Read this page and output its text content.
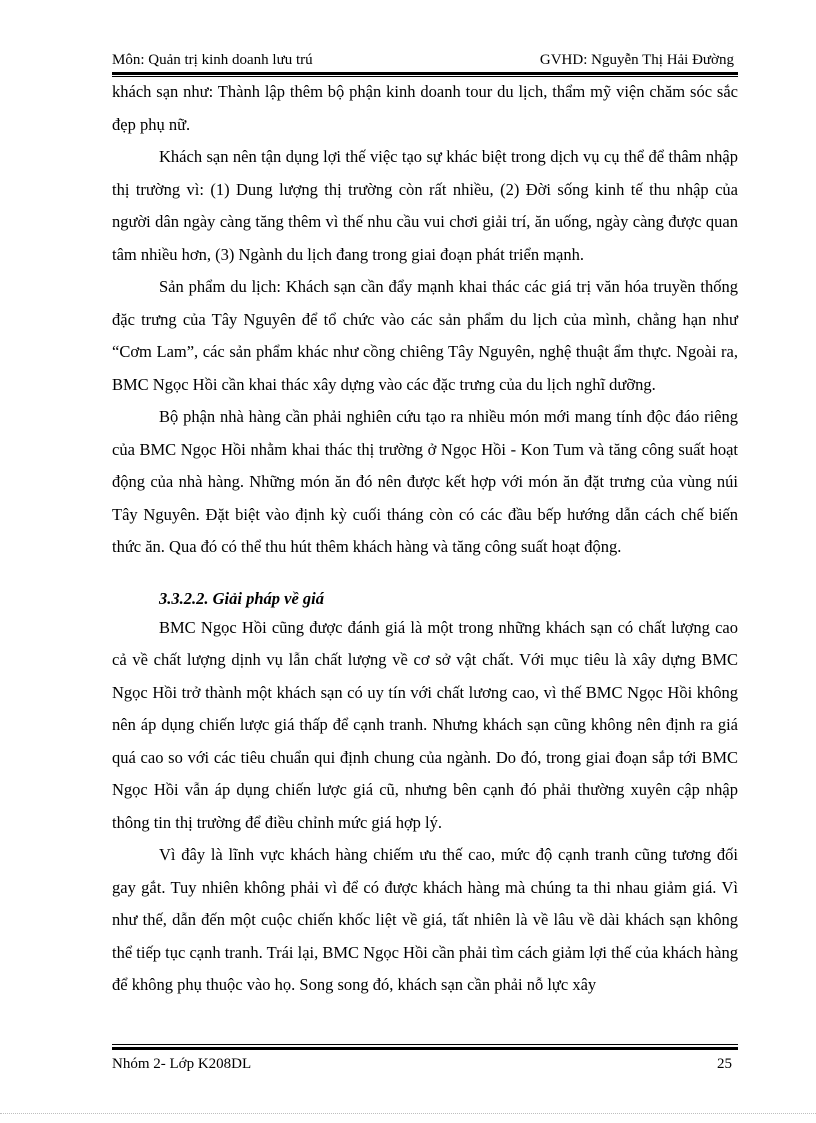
Môn: Quản trị kinh doanh lưu trú	GVHD: Nguyễn Thị Hải Đường

khách sạn như: Thành lập thêm bộ phận kinh doanh tour du lịch, thẩm mỹ viện chăm sóc sắc đẹp phụ nữ.

Khách sạn nên tận dụng lợi thế việc tạo sự khác biệt trong dịch vụ cụ thể để thâm nhập thị trường vì: (1) Dung lượng thị trường còn rất nhiều, (2) Đời sống kinh tế thu nhập của người dân ngày càng tăng thêm vì thế nhu cầu vui chơi giải trí, ăn uống, ngày càng được quan tâm nhiều hơn, (3) Ngành du lịch đang trong giai đoạn phát triển mạnh.

Sản phẩm du lịch: Khách sạn cần đẩy mạnh khai thác các giá trị văn hóa truyền thống đặc trưng của Tây Nguyên để tổ chức vào các sản phẩm du lịch của mình, chẳng hạn như “Cơm Lam”, các sản phẩm khác như cồng chiêng Tây Nguyên, nghệ thuật ẩm thực. Ngoài ra, BMC Ngọc Hồi cần khai thác xây dựng vào các đặc trưng của du lịch nghĩ dưỡng.

Bộ phận nhà hàng cần phải nghiên cứu tạo ra nhiều món mới mang tính độc đáo riêng của BMC Ngọc Hồi nhằm khai thác thị trường ở Ngọc Hồi - Kon Tum và tăng công suất hoạt động của nhà hàng. Những món ăn đó nên được kết hợp với món ăn đặt trưng của vùng núi Tây Nguyên. Đặt biệt vào định kỳ cuối tháng còn có các đầu bếp hướng dẫn cách chế biến thức ăn. Qua đó có thể thu hút thêm khách hàng và tăng công suất hoạt động.

3.3.2.2. Giải pháp về giá

BMC Ngọc Hồi cũng được đánh giá là một trong những khách sạn có chất lượng cao cả về chất lượng dịnh vụ lẫn chất lượng về cơ sở vật chất. Với mục tiêu là xây dựng BMC Ngọc Hồi trở thành một khách sạn có uy tín với chất lương cao, vì thế BMC Ngọc Hồi không nên áp dụng chiến lược giá thấp để cạnh tranh. Nhưng khách sạn cũng không nên định ra giá quá cao so với các tiêu chuẩn qui định chung của ngành. Do đó, trong giai đoạn sắp tới BMC Ngọc Hồi vẫn áp dụng chiến lược giá cũ, nhưng bên cạnh đó phải thường xuyên cập nhập thông tin thị trường để điều chỉnh mức giá hợp lý.

Vì đây là lĩnh vực khách hàng chiếm ưu thế cao, mức độ cạnh tranh cũng tương đối gay gắt. Tuy nhiên không phải vì để có được khách hàng mà chúng ta thi nhau giảm giá. Vì như thế, dẫn đến một cuộc chiến khốc liệt về giá, tất nhiên là về lâu về dài khách sạn không thể tiếp tục cạnh tranh. Trái lại, BMC Ngọc Hồi cần phải tìm cách giảm lợi thế của khách hàng để không phụ thuộc vào họ. Song song đó, khách sạn cần phải nỗ lực xây

Nhóm 2- Lớp K208DL	25
